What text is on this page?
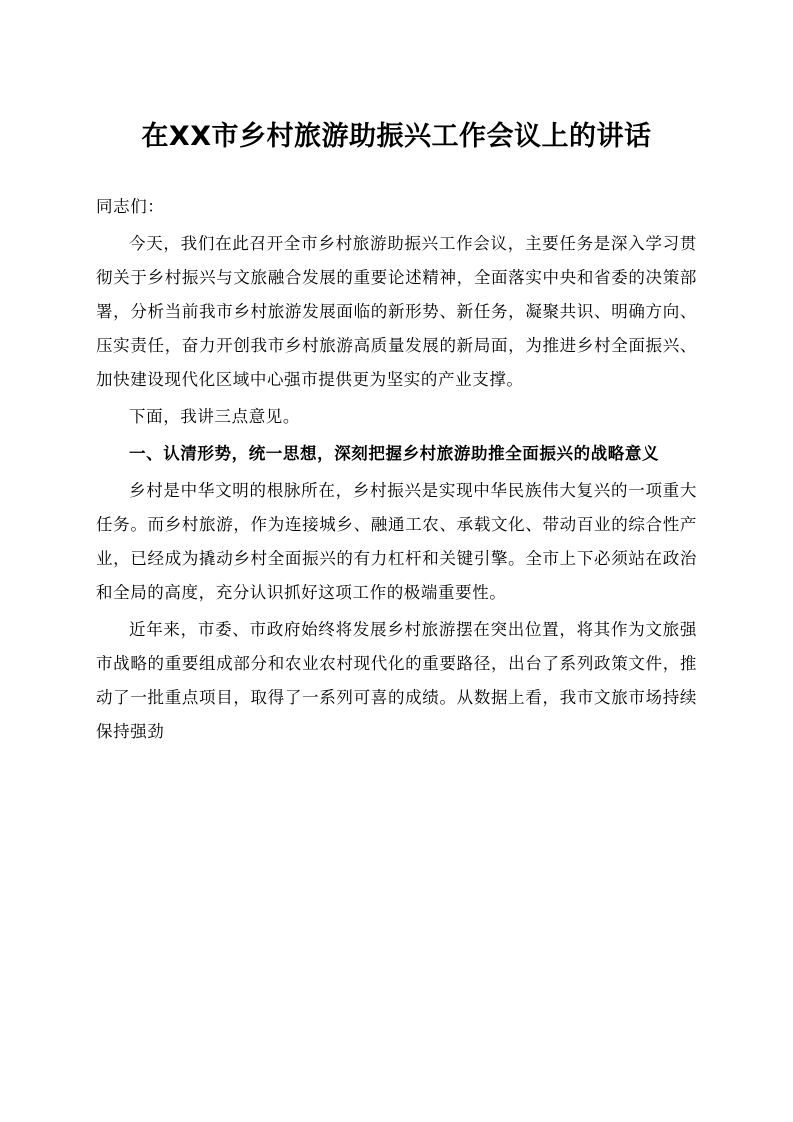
在XX市乡村旅游助振兴工作会议上的讲话

同志们：

今天，我们在此召开全市乡村旅游助振兴工作会议，主要任务是深入学习贯彻关于乡村振兴与文旅融合发展的重要论述精神，全面落实中央和省委的决策部署，分析当前我市乡村旅游发展面临的新形势、新任务，凝聚共识、明确方向、压实责任，奋力开创我市乡村旅游高质量发展的新局面，为推进乡村全面振兴、加快建设现代化区域中心强市提供更为坚实的产业支撑。

下面，我讲三点意见。

一、认清形势，统一思想，深刻把握乡村旅游助推全面振兴的战略意义

乡村是中华文明的根脉所在，乡村振兴是实现中华民族伟大复兴的一项重大任务。而乡村旅游，作为连接城乡、融通工农、承载文化、带动百业的综合性产业，已经成为撬动乡村全面振兴的有力杠杆和关键引擎。全市上下必须站在政治和全局的高度，充分认识抓好这项工作的极端重要性。

近年来，市委、市政府始终将发展乡村旅游摆在突出位置，将其作为文旅强市战略的重要组成部分和农业农村现代化的重要路径，出台了系列政策文件，推动了一批重点项目，取得了一系列可喜的成绩。从数据上看，我市文旅市场持续保持强劲
